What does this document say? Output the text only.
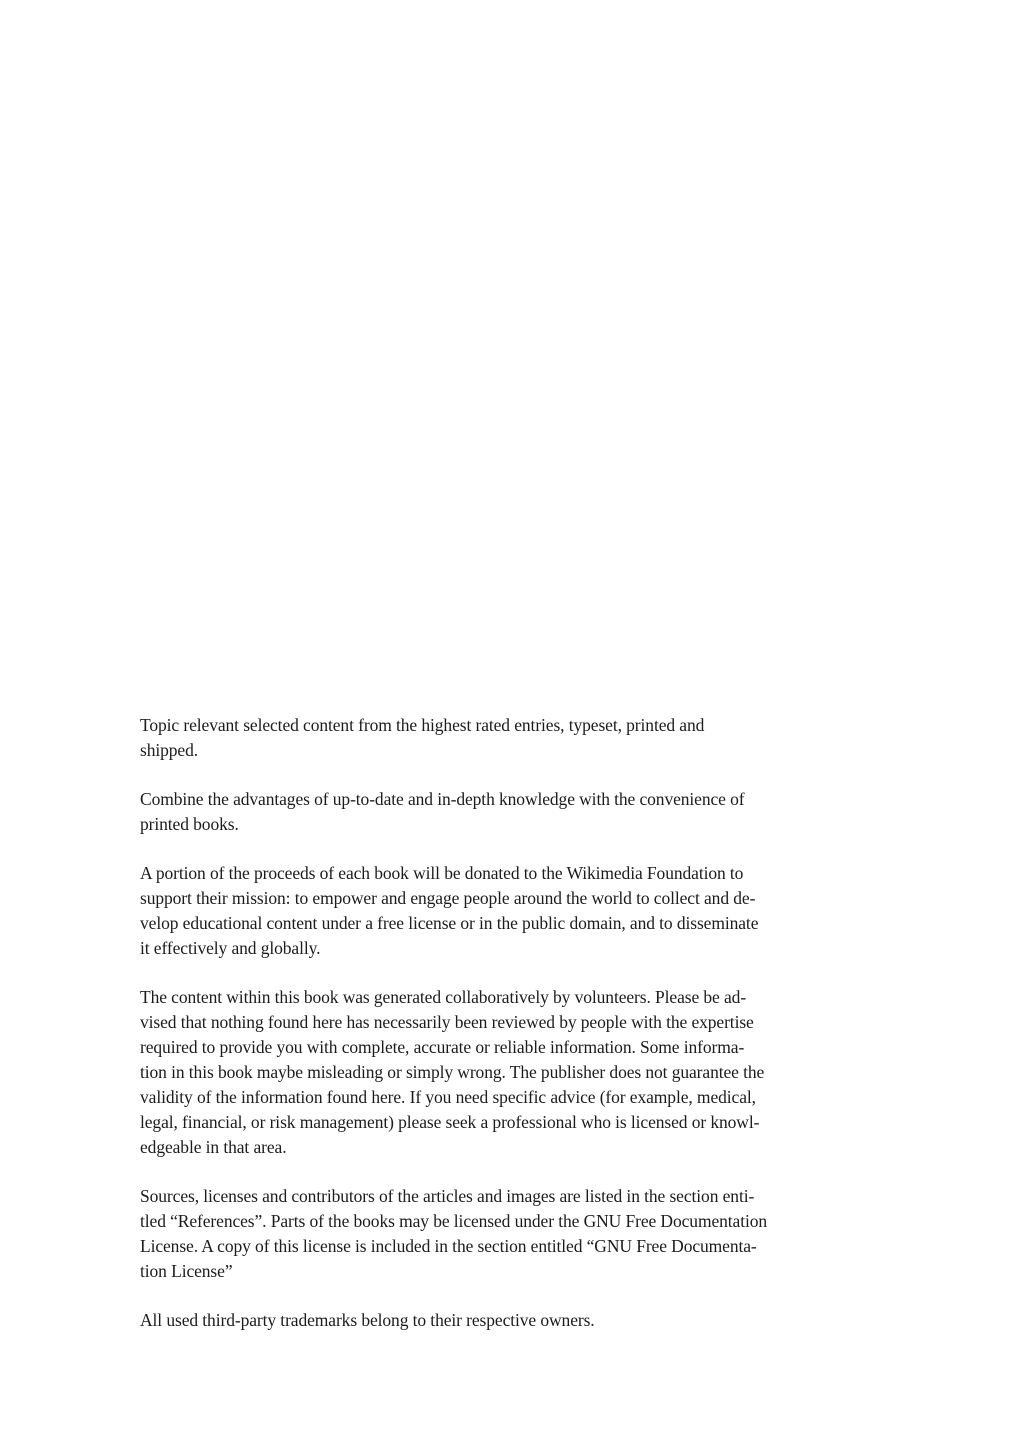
Topic relevant selected content from the highest rated entries, typeset, printed and
shipped.
Combine the advantages of up-to-date and in-depth knowledge with the convenience of
printed books.
A portion of the proceeds of each book will be donated to the Wikimedia Foundation to
support their mission: to empower and engage people around the world to collect and de-
velop educational content under a free license or in the public domain, and to disseminate
it effectively and globally.
The content within this book was generated collaboratively by volunteers. Please be ad-
vised that nothing found here has necessarily been reviewed by people with the expertise
required to provide you with complete, accurate or reliable information. Some informa-
tion in this book maybe misleading or simply wrong. The publisher does not guarantee the
validity of the information found here. If you need specific advice (for example, medical,
legal, financial, or risk management) please seek a professional who is licensed or knowl-
edgeable in that area.
Sources, licenses and contributors of the articles and images are listed in the section enti-
tled “References”. Parts of the books may be licensed under the GNU Free Documentation
License. A copy of this license is included in the section entitled “GNU Free Documenta-
tion License”
All used third-party trademarks belong to their respective owners.
